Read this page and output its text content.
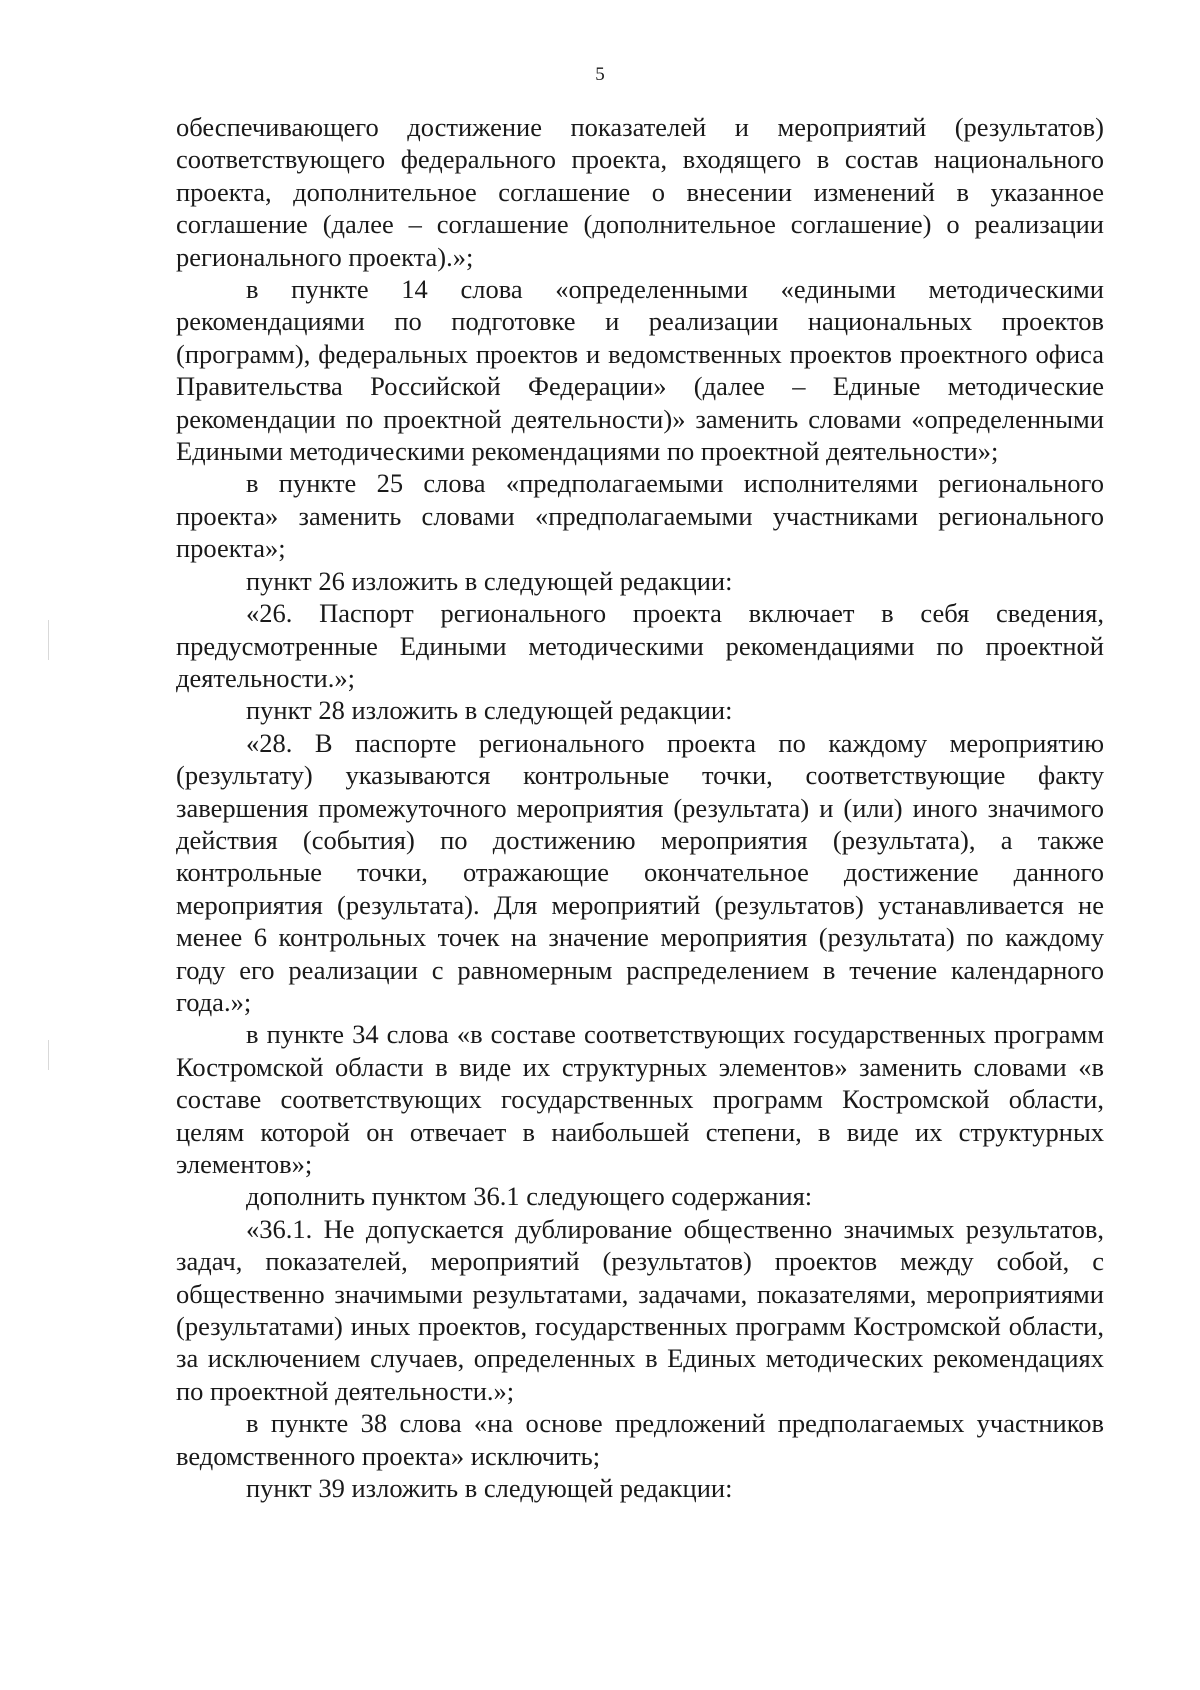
5

обеспечивающего достижение показателей и мероприятий (результатов) соответствующего федерального проекта, входящего в состав национального проекта, дополнительное соглашение о внесении изменений в указанное соглашение (далее – соглашение (дополнительное соглашение) о реализации регионального проекта).»;

в пункте 14 слова «определенными «едиными методическими рекомендациями по подготовке и реализации национальных проектов (программ), федеральных проектов и ведомственных проектов проектного офиса Правительства Российской Федерации» (далее – Единые методические рекомендации по проектной деятельности)» заменить словами «определенными Едиными методическими рекомендациями по проектной деятельности»;

в пункте 25 слова «предполагаемыми исполнителями регионального проекта» заменить словами «предполагаемыми участниками регионального проекта»;

пункт 26 изложить в следующей редакции:

«26. Паспорт регионального проекта включает в себя сведения, предусмотренные Едиными методическими рекомендациями по проектной деятельности.»;

пункт 28 изложить в следующей редакции:

«28. В паспорте регионального проекта по каждому мероприятию (результату) указываются контрольные точки, соответствующие факту завершения промежуточного мероприятия (результата) и (или) иного значимого действия (события) по достижению мероприятия (результата), а также контрольные точки, отражающие окончательное достижение данного мероприятия (результата). Для мероприятий (результатов) устанавливается не менее 6 контрольных точек на значение мероприятия (результата) по каждому году его реализации с равномерным распределением в течение календарного года.»;

в пункте 34 слова «в составе соответствующих государственных программ Костромской области в виде их структурных элементов» заменить словами «в составе соответствующих государственных программ Костромской области, целям которой он отвечает в наибольшей степени, в виде их структурных элементов»;

дополнить пунктом 36.1 следующего содержания:

«36.1. Не допускается дублирование общественно значимых результатов, задач, показателей, мероприятий (результатов) проектов между собой, с общественно значимыми результатами, задачами, показателями, мероприятиями (результатами) иных проектов, государственных программ Костромской области, за исключением случаев, определенных в Единых методических рекомендациях по проектной деятельности.»;

в пункте 38 слова «на основе предложений предполагаемых участников ведомственного проекта» исключить;

пункт 39 изложить в следующей редакции:
